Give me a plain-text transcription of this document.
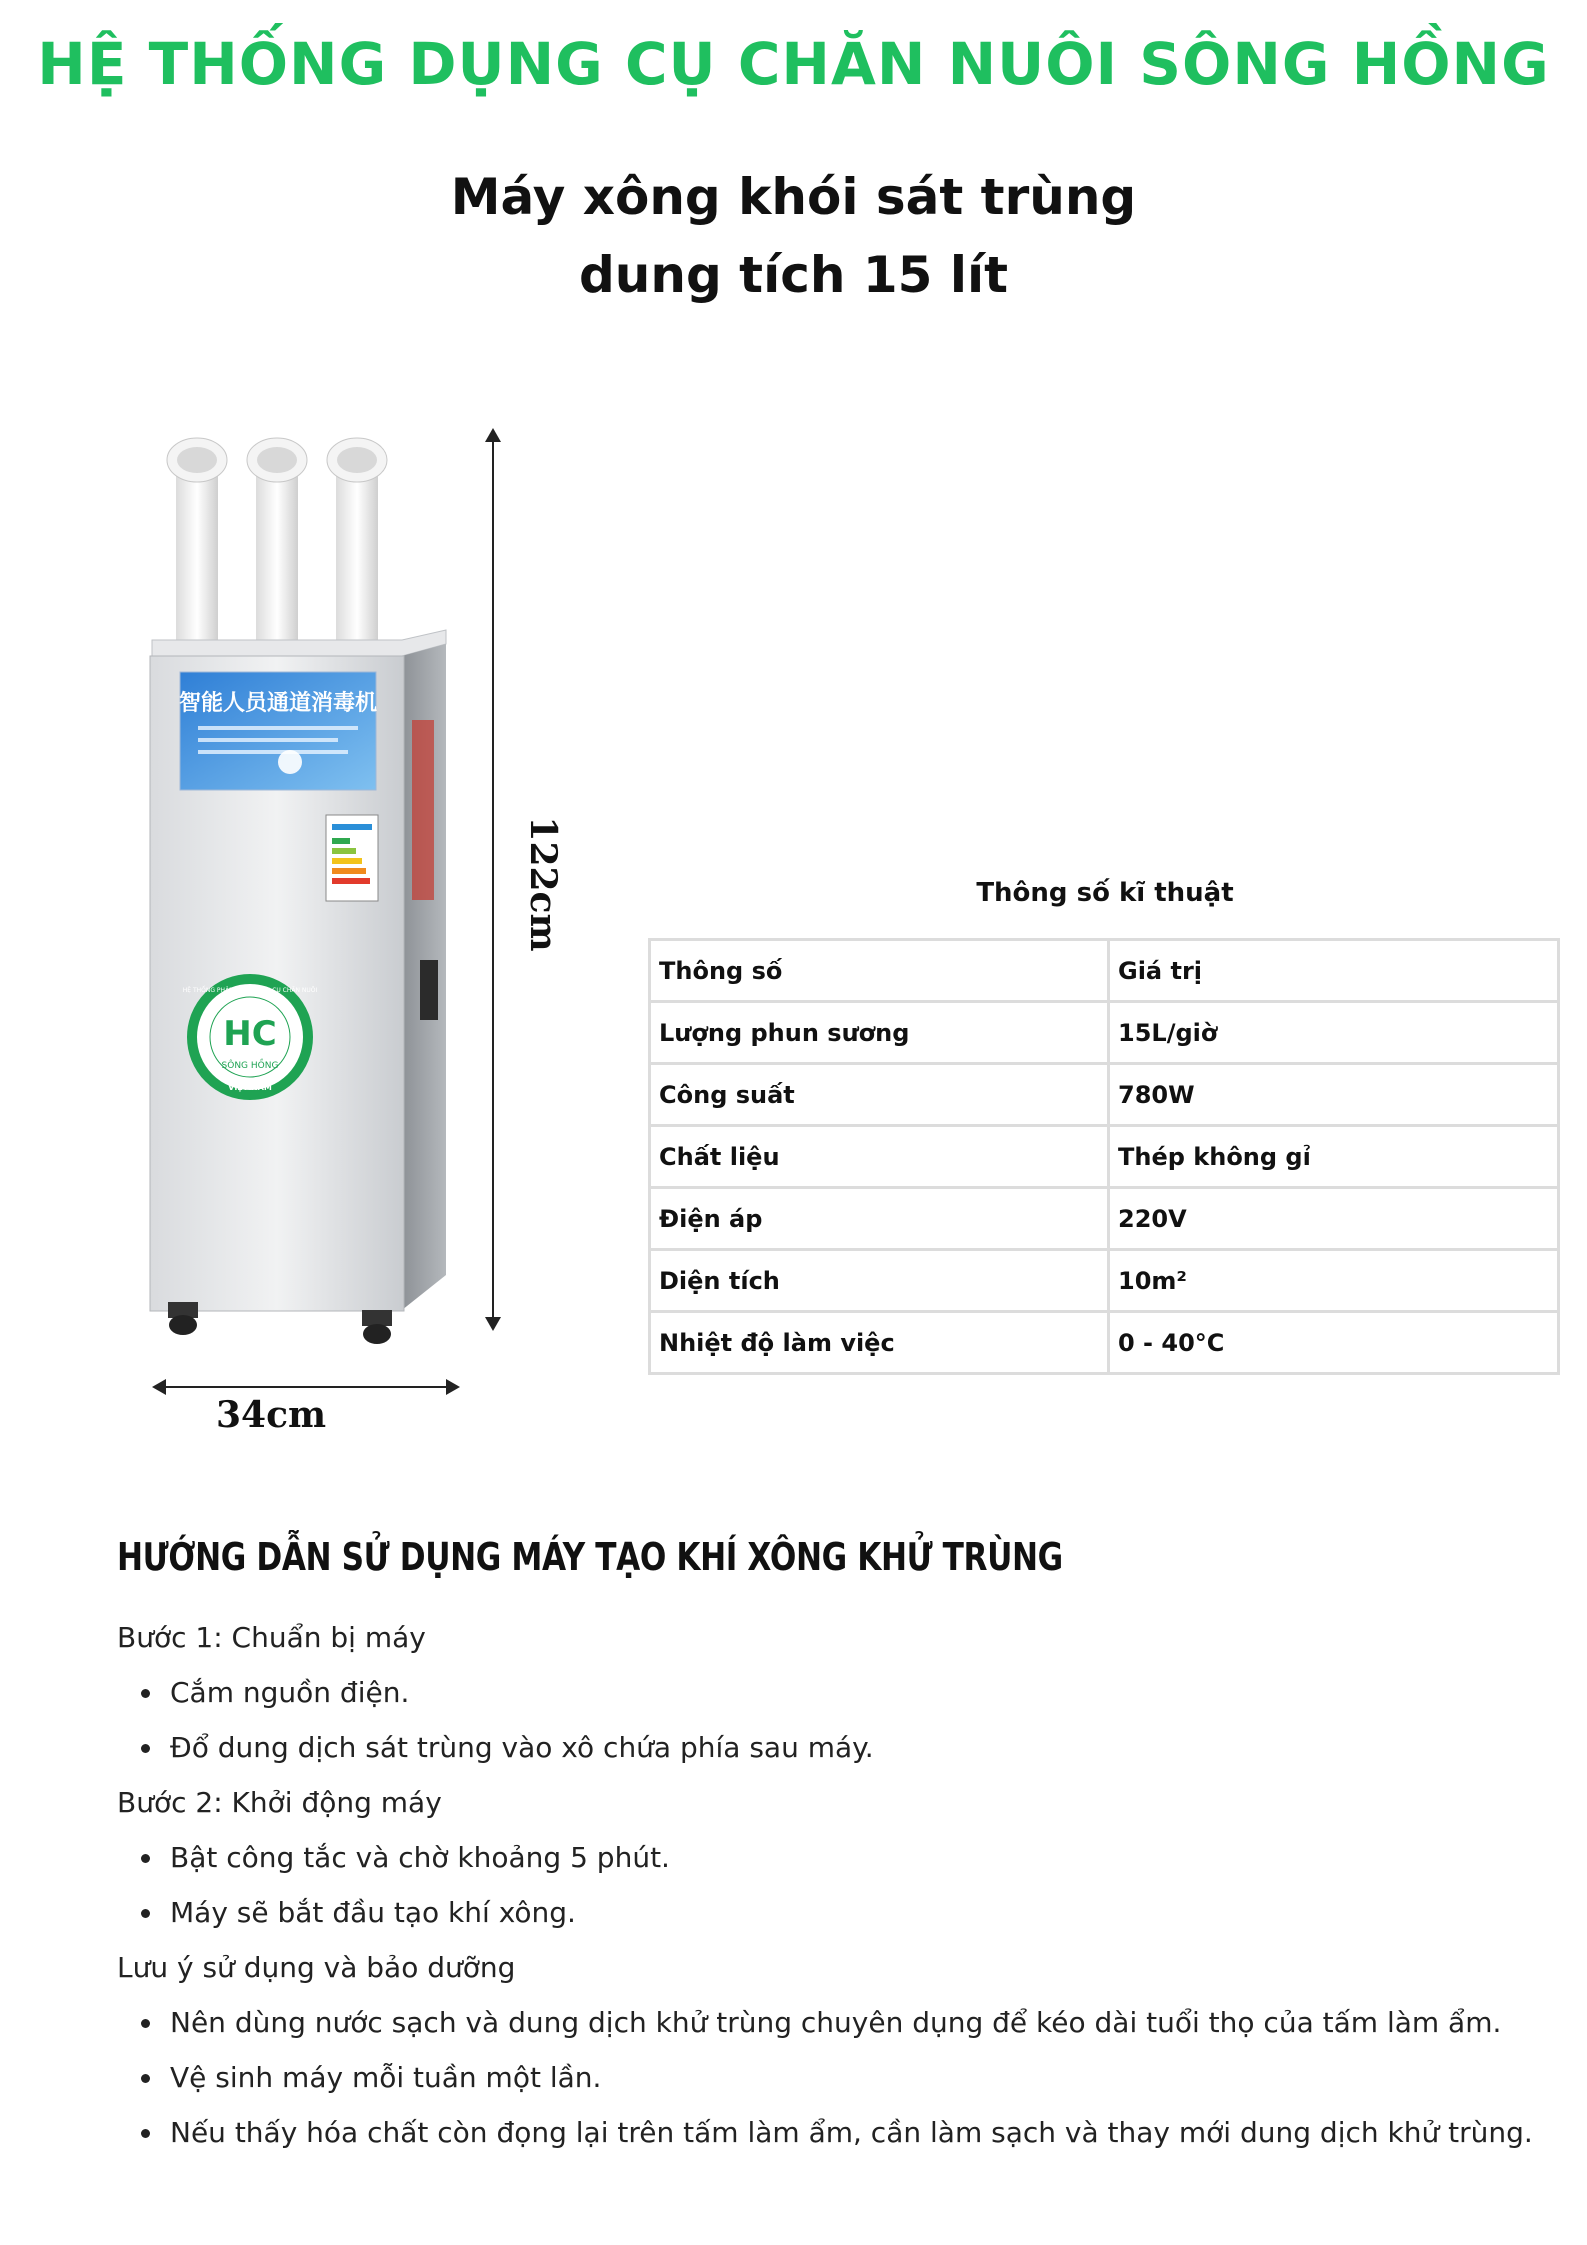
HỆ THỐNG DỤNG CỤ CHĂN NUÔI SÔNG HỒNG
Máy xông khói sát trùng
dung tích 15 lít
智能人员通道消毒机
HC
SÔNG HỒNG
HỆ THỐNG PHÂN PHỐI DỤNG CỤ CHĂN NUÔI
VIỆT NAM
122cm
34cm
Thông số kĩ thuật
Thông số	Giá trị
Lượng phun sương	15L/giờ
Công suất	780W
Chất liệu	Thép không gỉ
Điện áp	220V
Diện tích	10m²
Nhiệt độ làm việc	0 - 40°C
HƯỚNG DẪN SỬ DỤNG MÁY TẠO KHÍ XÔNG KHỬ TRÙNG

Bước 1: Chuẩn bị máy

Cắm nguồn điện.
Đổ dung dịch sát trùng vào xô chứa phía sau máy.

Bước 2: Khởi động máy

Bật công tắc và chờ khoảng 5 phút.
Máy sẽ bắt đầu tạo khí xông.

Lưu ý sử dụng và bảo dưỡng

Nên dùng nước sạch và dung dịch khử trùng chuyên dụng để kéo dài tuổi thọ của tấm làm ẩm.
Vệ sinh máy mỗi tuần một lần.
Nếu thấy hóa chất còn đọng lại trên tấm làm ẩm, cần làm sạch và thay mới dung dịch khử trùng.
